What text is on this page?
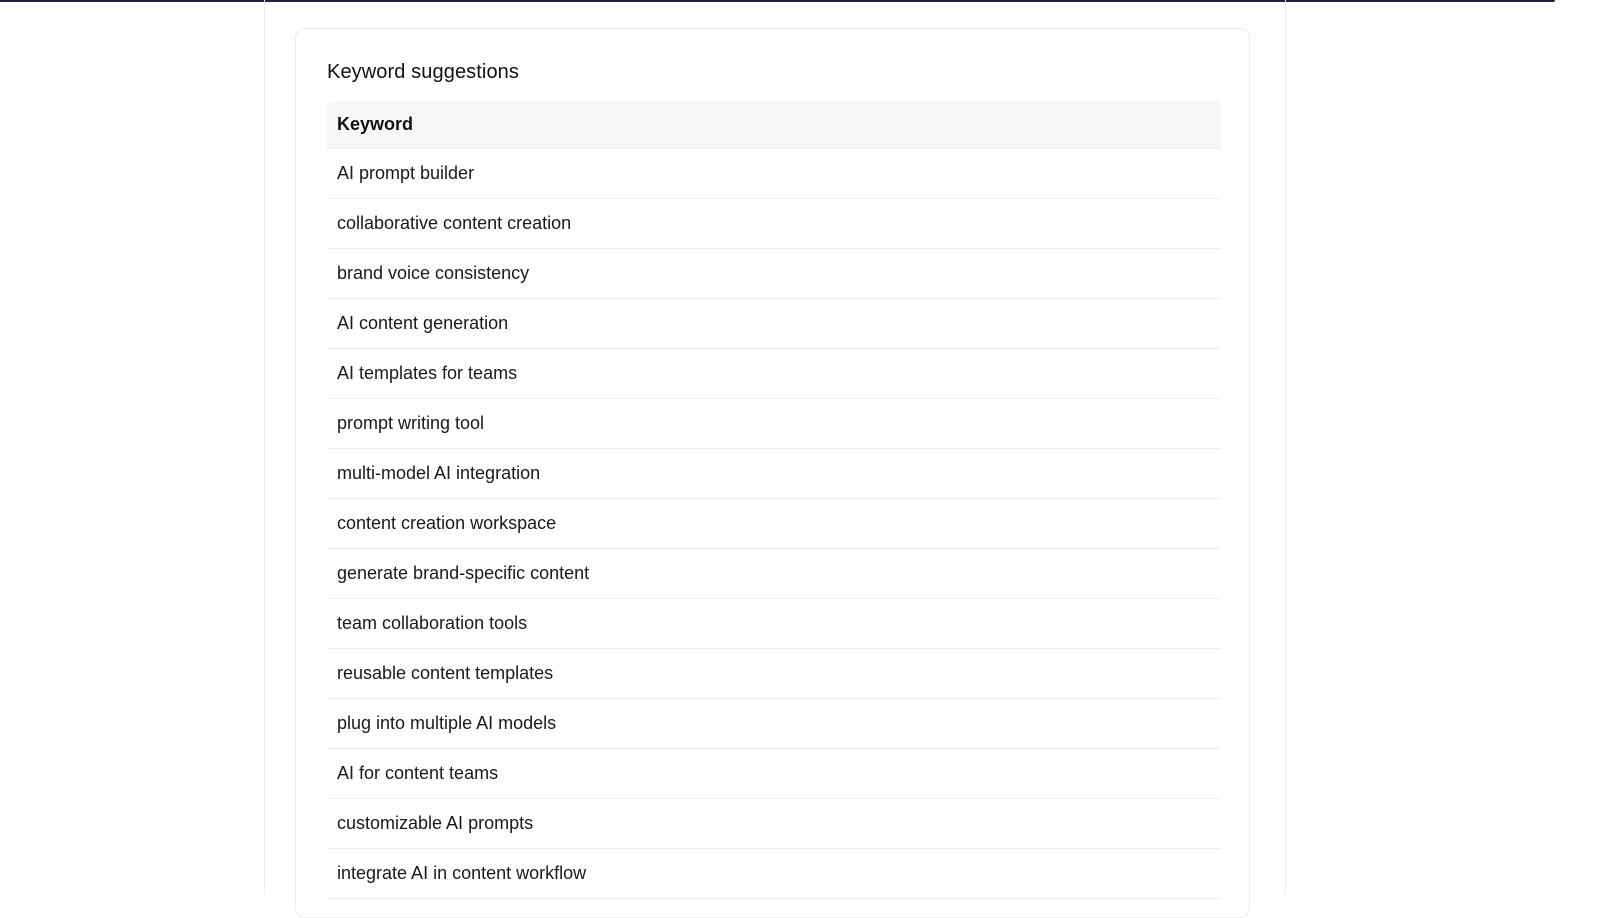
Keyword suggestions
Keyword
AI prompt builder
collaborative content creation
brand voice consistency
AI content generation
AI templates for teams
prompt writing tool
multi-model AI integration
content creation workspace
generate brand-specific content
team collaboration tools
reusable content templates
plug into multiple AI models
AI for content teams
customizable AI prompts
integrate AI in content workflow
